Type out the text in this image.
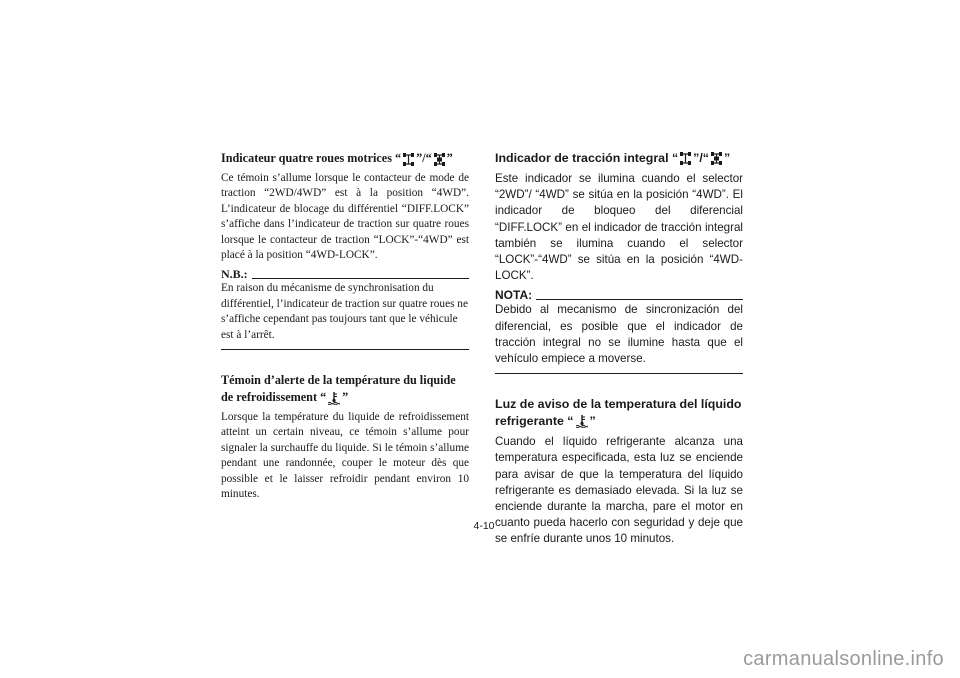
Indicateur quatre roues motrices “ ”/“ ”

Ce témoin s’allume lorsque le contacteur de mode de traction “2WD/4WD” est à la position “4WD”. L’indicateur de blocage du différentiel “DIFF.LOCK” s’affiche dans l’indicateur de traction sur quatre roues lorsque le contacteur de traction “LOCK”-“4WD” est placé à la position “4WD-LOCK”.

N.B.:

En raison du mécanisme de synchronisation du différentiel, l’indicateur de traction sur quatre roues ne s’affiche cependant pas toujours tant que le véhicule est à l’arrêt.

Témoin d’alerte de la température du liquide de refroidissement “ ”

Lorsque la température du liquide de refroidissement atteint un certain niveau, ce témoin s’allume pour signaler la surchauffe du liquide. Si le témoin s’allume pendant une randonnée, couper le moteur dès que possible et le laisser refroidir pendant environ 10 minutes.

Indicador de tracción integral “ ”/“ ”

Este indicador se ilumina cuando el selector “2WD”/ “4WD” se sitúa en la posición “4WD”. El indicador de bloqueo del diferencial “DIFF.LOCK” en el indicador de tracción integral también se ilumina cuando el selector “LOCK”-“4WD” se sitúa en la posición “4WD-LOCK”.

NOTA:

Debido al mecanismo de sincronización del diferencial, es posible que el indicador de tracción integral no se ilumine hasta que el vehículo empiece a moverse.

Luz de aviso de la temperatura del líquido refrigerante “ ”

Cuando el líquido refrigerante alcanza una temperatura especificada, esta luz se enciende para avisar de que la temperatura del líquido refrigerante es demasiado elevada. Si la luz se enciende durante la marcha, pare el motor en cuanto pueda hacerlo con seguridad y deje que se enfríe durante unos 10 minutos.

4-10
carmanualsonline.info
